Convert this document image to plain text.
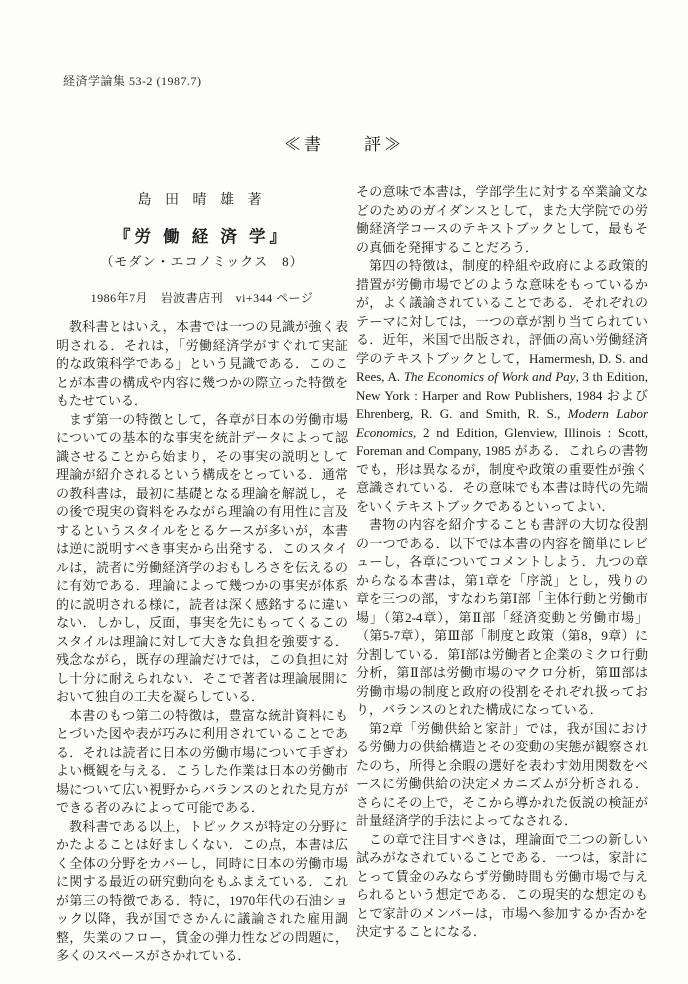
経済学論集 53-2 (1987.7)
≪書　　評≫
島 田 晴 雄 著
『労 働 経 済 学』
（モダン・エコノミックス　8）
1986年7月　岩波書店刊　vi+344 ページ

教科書とはいえ，本書では一つの見識が強く表明される．それは，「労働経済学がすぐれて実証的な政策科学である」という見識である．このことが本書の構成や内容に幾つかの際立った特徴をもたせている．

まず第一の特徴として，各章が日本の労働市場についての基本的な事実を統計データによって認識させることから始まり，その事実の説明として理論が紹介されるという構成をとっている．通常の教科書は，最初に基礎となる理論を解説し，その後で現実の資料をみながら理論の有用性に言及するというスタイルをとるケースが多いが，本書は逆に説明すべき事実から出発する．このスタイルは，読者に労働経済学のおもしろさを伝えるのに有効である．理論によって幾つかの事実が体系的に説明される様に，読者は深く感銘するに違いない．しかし，反面，事実を先にもってくるこのスタイルは理論に対して大きな負担を強要する．残念ながら，既存の理論だけでは，この負担に対し十分に耐えられない．そこで著者は理論展開において独自の工夫を凝らしている．

本書のもつ第二の特徴は，豊富な統計資料にもとづいた図や表が巧みに利用されていることである．それは読者に日本の労働市場について手ぎわよい概観を与える．こうした作業は日本の労働市場について広い視野からバランスのとれた見方ができる者のみによって可能である．

教科書である以上，トピックスが特定の分野にかたよることは好ましくない．この点，本書は広く全体の分野をカバーし，同時に日本の労働市場に関する最近の研究動向をもふまえている．これが第三の特徴である．特に，1970年代の石油ショック以降，我が国でさかんに議論された雇用調整，失業のフロー，賃金の弾力性などの問題に，多くのスペースがさかれている．

その意味で本書は，学部学生に対する卒業論文などのためのガイダンスとして，また大学院での労働経済学コースのテキストブックとして，最もその真価を発揮することだろう．

第四の特徴は，制度的枠組や政府による政策的措置が労働市場でどのような意味をもっているかが，よく議論されていることである．それぞれのテーマに対しては，一つの章が割り当てられている．近年，米国で出版され，評価の高い労働経済学のテキストブックとして，Hamermesh, D. S. and Rees, A. The Economics of Work and Pay, 3 th Edition, New York : Harper and Row Publishers, 1984 および Ehrenberg, R. G. and Smith, R. S., Modern Labor Economics, 2 nd Edition, Glenview, Illinois : Scott, Foreman and Company, 1985 がある．これらの書物でも，形は異なるが，制度や政策の重要性が強く意識されている．その意味でも本書は時代の先端をいくテキストブックであるといってよい．

書物の内容を紹介することも書評の大切な役割の一つである．以下では本書の内容を簡単にレビューし，各章についてコメントしよう．九つの章からなる本書は，第1章を「序説」とし，残りの章を三つの部，すなわち第Ⅰ部「主体行動と労働市場」（第2-4章），第Ⅱ部「経済変動と労働市場」（第5-7章），第Ⅲ部「制度と政策（第8，9章）に分割している．第Ⅰ部は労働者と企業のミクロ行動分析，第Ⅱ部は労働市場のマクロ分析，第Ⅲ部は労働市場の制度と政府の役割をそれぞれ扱っており，バランスのとれた構成になっている．

第2章「労働供給と家計」では，我が国における労働力の供給構造とその変動の実態が観察されたのち，所得と余暇の選好を表わす効用関数をベースに労働供給の決定メカニズムが分析される．さらにその上で，そこから導かれた仮説の検証が計量経済学的手法によってなされる．

この章で注目すべきは，理論面で二つの新しい試みがなされていることである．一つは，家計にとって賃金のみならず労働時間も労働市場で与えられるという想定である．この現実的な想定のもとで家計のメンバーは，市場へ参加するか否かを決定することになる．
